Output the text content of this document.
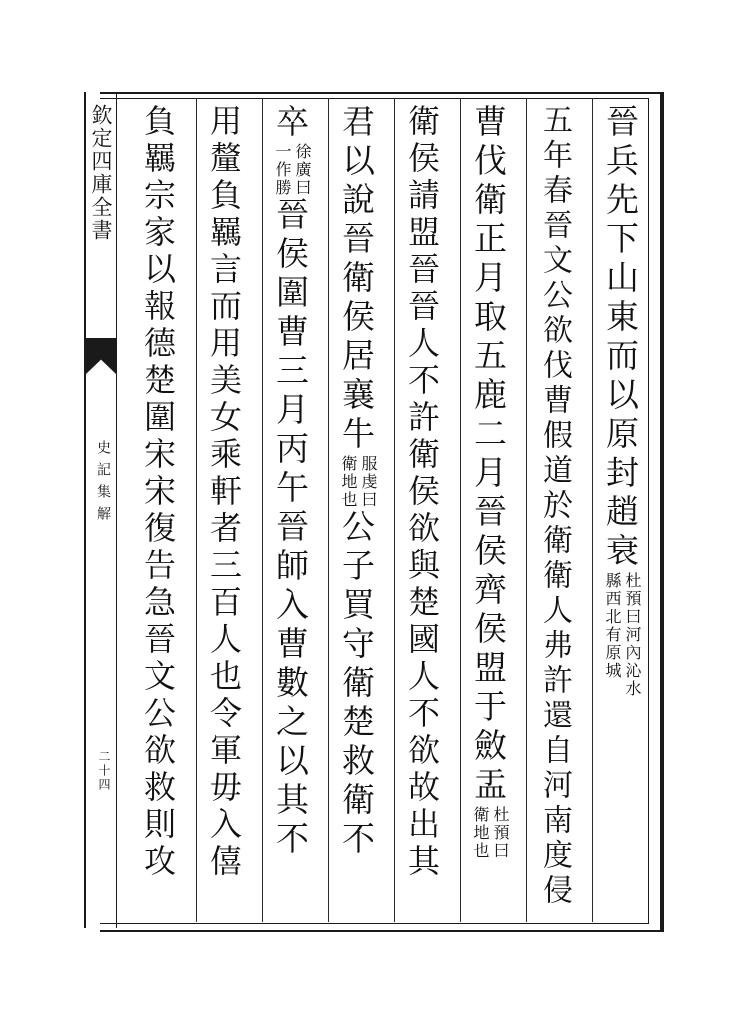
欽定四庫全書
史記集解
二十四
晉兵先下山東而以原封趙衰
杜預曰河內沁水
縣西北有原城
五年春晉文公欲伐曹假道於衛衛人弗許還自河南度侵
曹伐衛正月取五鹿二月晉侯齊侯盟于斂盂
杜預曰
衛地也
衛侯請盟晉晉人不許衛侯欲與楚國人不欲故出其
君以說晉衛侯居襄牛
服虔曰
衛地也
公子買守衛楚救衛不
卒
徐廣曰
一作勝
晉侯圍曹三月丙午晉師入曹數之以其不
用釐負羈言而用美女乘軒者三百人也令軍毋入僖
負羈宗家以報德楚圍宋宋復告急晉文公欲救則攻
